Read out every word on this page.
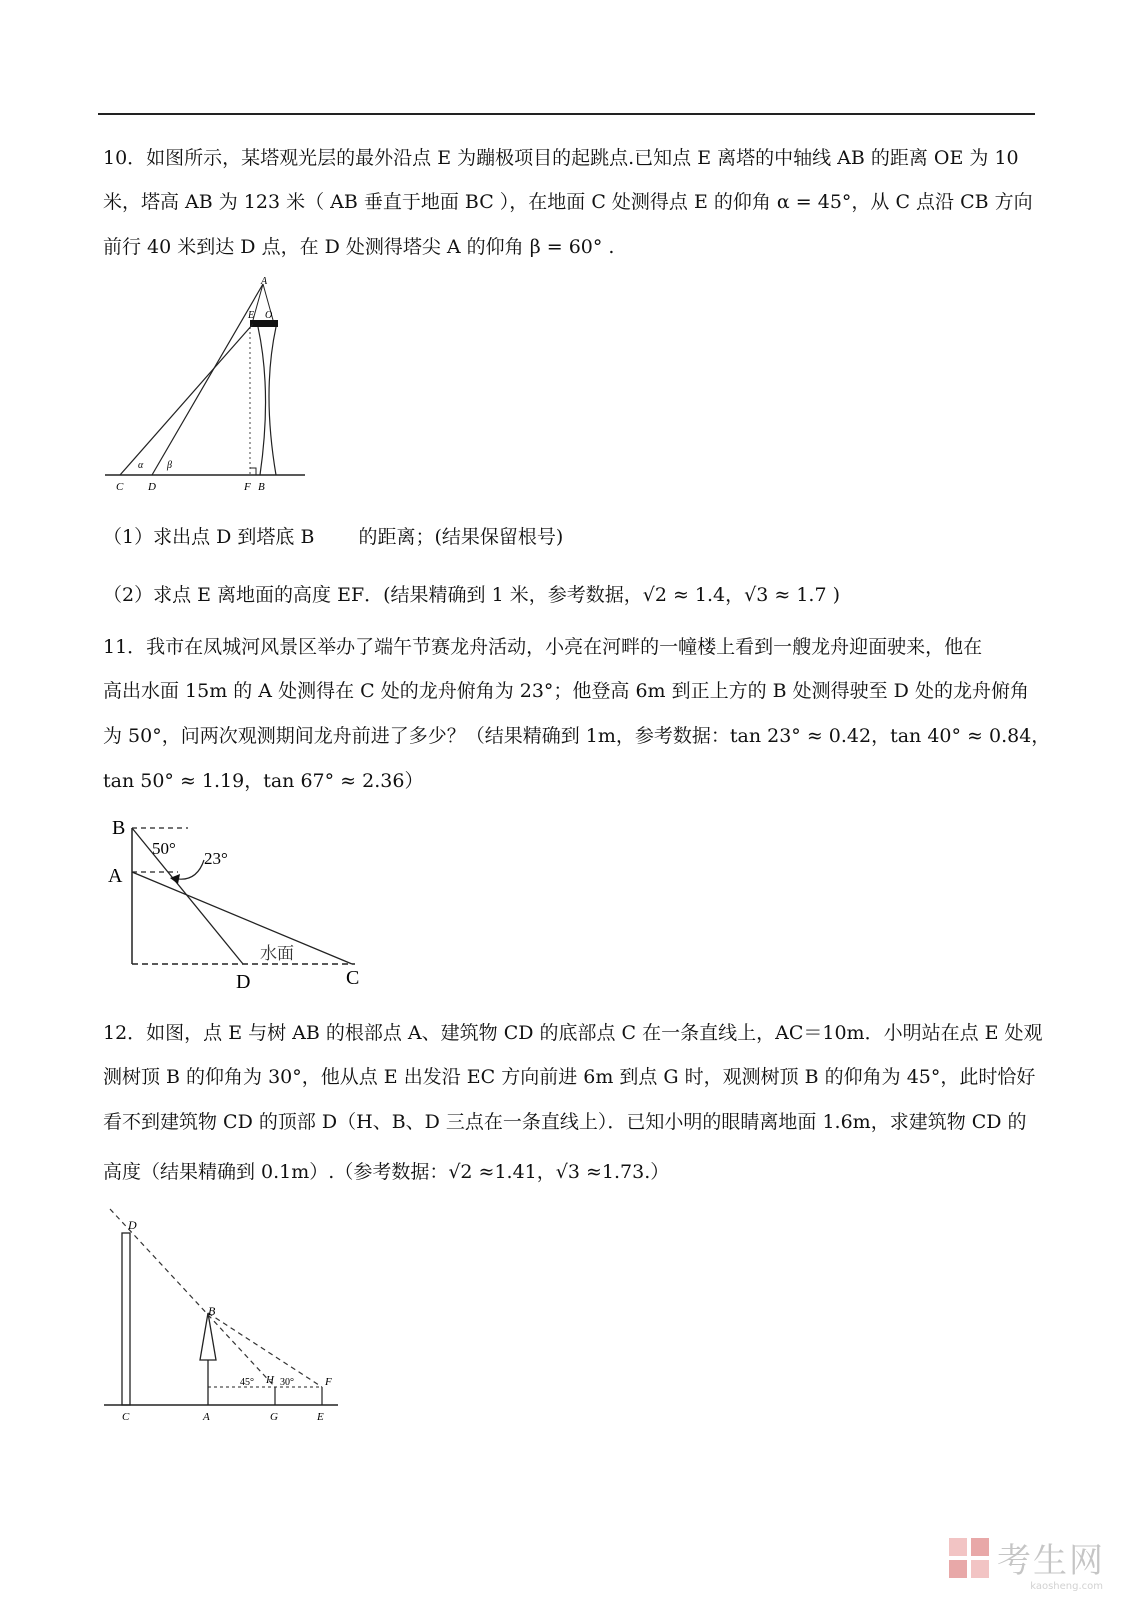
10．如图所示，某塔观光层的最外沿点 E 为蹦极项目的起跳点.已知点 E 离塔的中轴线 AB 的距离 OE 为 10
米，塔高 AB 为 123 米（ AB 垂直于地面 BC ），在地面 C 处测得点 E 的仰角 α = 45°，从 C 点沿 CB 方向
前行 40 米到达 D 点，在 D 处测得塔尖 A 的仰角 β = 60° .
A
E O
α β
C D	F B
（1）求出点 D 到塔底 B　　 的距离；(结果保留根号)
（2）求点 E 离地面的高度 EF．(结果精确到 1 米，参考数据，√2 ≈ 1.4，√3 ≈ 1.7 )
11．我市在凤城河风景区举办了端午节赛龙舟活动，小亮在河畔的一幢楼上看到一艘龙舟迎面驶来，他在
高出水面 15m 的 A 处测得在 C 处的龙舟俯角为 23°；他登高 6m 到正上方的 B 处测得驶至 D 处的龙舟俯角
为 50°，问两次观测期间龙舟前进了多少？（结果精确到 1m，参考数据：tan 23° ≈ 0.42，tan 40° ≈ 0.84，
tan 50° ≈ 1.19，tan 67° ≈ 2.36）
B
A
50°
23°
水面
D	C
12．如图，点 E 与树 AB 的根部点 A、建筑物 CD 的底部点 C 在一条直线上，AC＝10m．小明站在点 E 处观
测树顶 B 的仰角为 30°，他从点 E 出发沿 EC 方向前进 6m 到点 G 时，观测树顶 B 的仰角为 45°，此时恰好
看不到建筑物 CD 的顶部 D（H、B、D 三点在一条直线上）．已知小明的眼睛离地面 1.6m，求建筑物 CD 的
高度（结果精确到 0.1m）.（参考数据：√2 ≈1.41，√3 ≈1.73.）
D
B
45° H 30°	F
C	A	G	E
考生网
kaosheng.com
